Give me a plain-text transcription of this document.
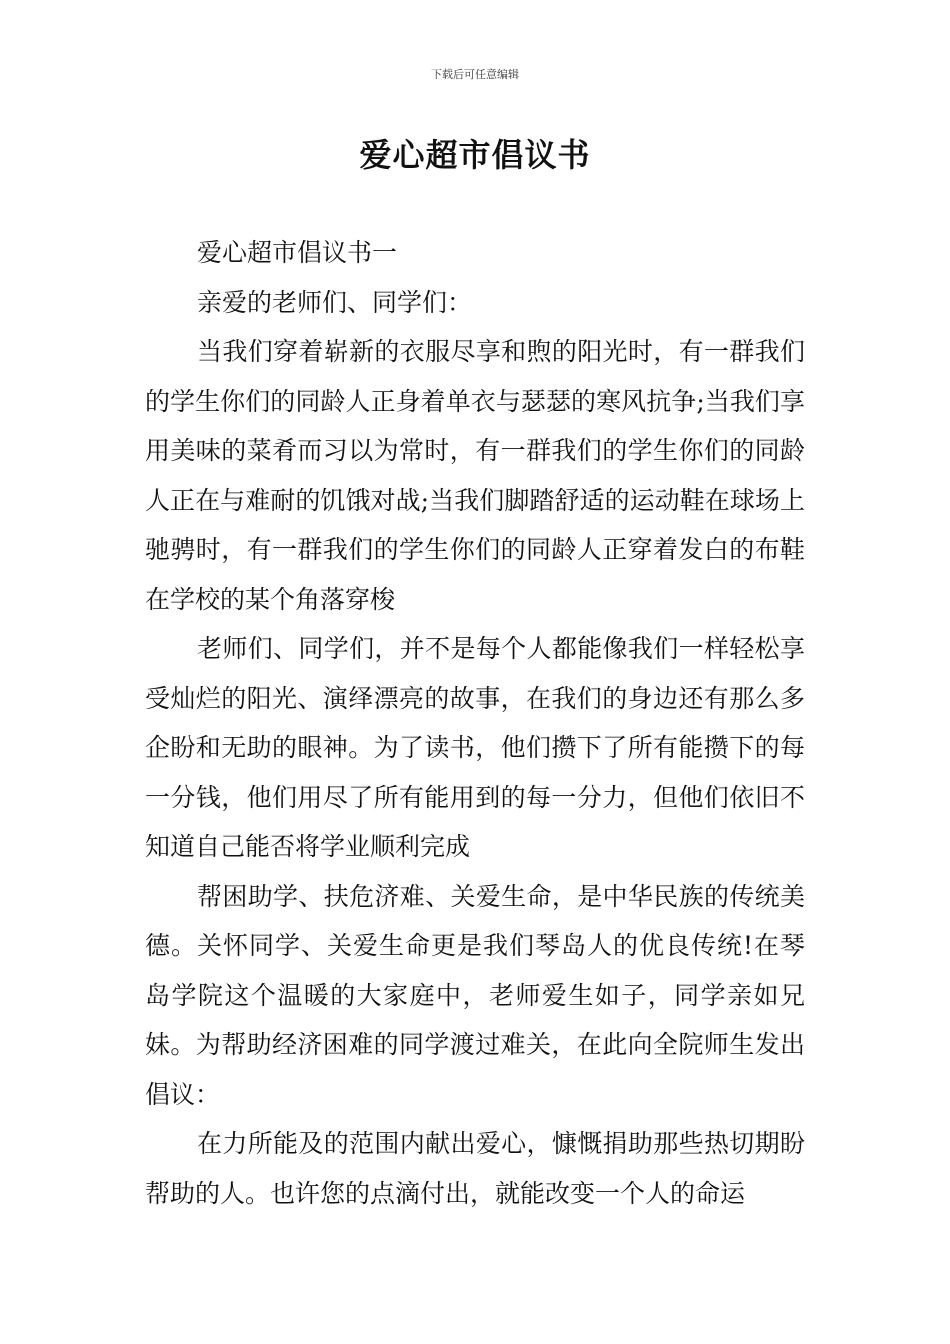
下载后可任意编辑
爱心超市倡议书

爱心超市倡议书一

亲爱的老师们、同学们：

当我们穿着崭新的衣服尽享和煦的阳光时，有一群我们的学生你们的同龄人正身着单衣与瑟瑟的寒风抗争;当我们享用美味的菜肴而习以为常时，有一群我们的学生你们的同龄人正在与难耐的饥饿对战;当我们脚踏舒适的运动鞋在球场上驰骋时，有一群我们的学生你们的同龄人正穿着发白的布鞋在学校的某个角落穿梭

老师们、同学们，并不是每个人都能像我们一样轻松享受灿烂的阳光、演绎漂亮的故事，在我们的身边还有那么多企盼和无助的眼神。为了读书，他们攒下了所有能攒下的每一分钱，他们用尽了所有能用到的每一分力，但他们依旧不知道自己能否将学业顺利完成

帮困助学、扶危济难、关爱生命，是中华民族的传统美德。关怀同学、关爱生命更是我们琴岛人的优良传统!在琴岛学院这个温暖的大家庭中，老师爱生如子，同学亲如兄妹。为帮助经济困难的同学渡过难关，在此向全院师生发出倡议：

在力所能及的范围内献出爱心，慷慨捐助那些热切期盼帮助的人。也许您的点滴付出，就能改变一个人的命运
